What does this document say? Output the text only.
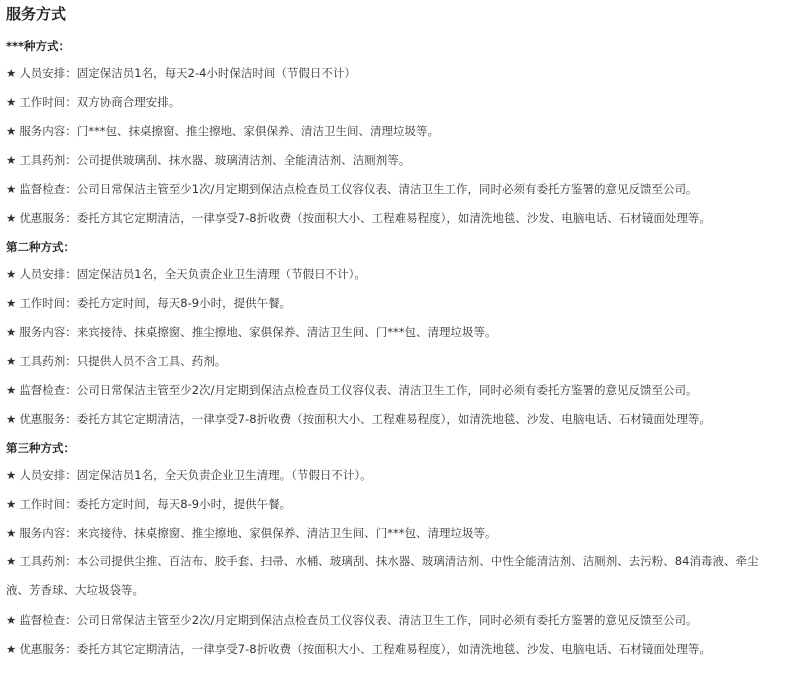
服务方式
***种方式：
★ 人员安排：固定保洁员1名，每天2-4小时保洁时间（节假日不计）
★ 工作时间：双方协商合理安排。
★ 服务内容：门***包、抹桌擦窗、推尘擦地、家俱保养、清洁卫生间、清理垃圾等。
★ 工具药剂：公司提供玻璃刮、抹水器、玻璃清洁剂、全能清洁剂、洁厕剂等。
★ 监督检查：公司日常保洁主管至少1次/月定期到保洁点检查员工仪容仪表、清洁卫生工作，同时必须有委托方鉴署的意见反馈至公司。
★ 优惠服务：委托方其它定期清洁，一律享受7-8折收费（按面积大小、工程难易程度），如清洗地毯、沙发、电脑电话、石材镜面处理等。
第二种方式：
★ 人员安排：固定保洁员1名，全天负责企业卫生清理（节假日不计）。
★ 工作时间：委托方定时间，每天8-9小时，提供午餐。
★ 服务内容：来宾接待、抹桌擦窗、推尘擦地、家俱保养、清洁卫生间、门***包、清理垃圾等。
★ 工具药剂：只提供人员不含工具、药剂。
★ 监督检查：公司日常保洁主管至少2次/月定期到保洁点检查员工仪容仪表、清洁卫生工作，同时必须有委托方鉴署的意见反馈至公司。
★ 优惠服务：委托方其它定期清洁，一律享受7-8折收费（按面积大小、工程难易程度），如清洗地毯、沙发、电脑电话、石材镜面处理等。
第三种方式：
★ 人员安排：固定保洁员1名，全天负责企业卫生清理。（节假日不计）。
★ 工作时间：委托方定时间，每天8-9小时，提供午餐。
★ 服务内容：来宾接待、抹桌擦窗、推尘擦地、家俱保养、清洁卫生间、门***包、清理垃圾等。
★ 工具药剂：本公司提供尘推、百洁布、胶手套、扫帚、水桶、玻璃刮、抹水器、玻璃清洁剂、中性全能清洁剂、洁厕剂、去污粉、84消毒液、牵尘液、芳香球、大垃圾袋等。
★ 监督检查：公司日常保洁主管至少2次/月定期到保洁点检查员工仪容仪表、清洁卫生工作，同时必须有委托方鉴署的意见反馈至公司。
★ 优惠服务：委托方其它定期清洁，一律享受7-8折收费（按面积大小、工程难易程度），如清洗地毯、沙发、电脑电话、石材镜面处理等。
